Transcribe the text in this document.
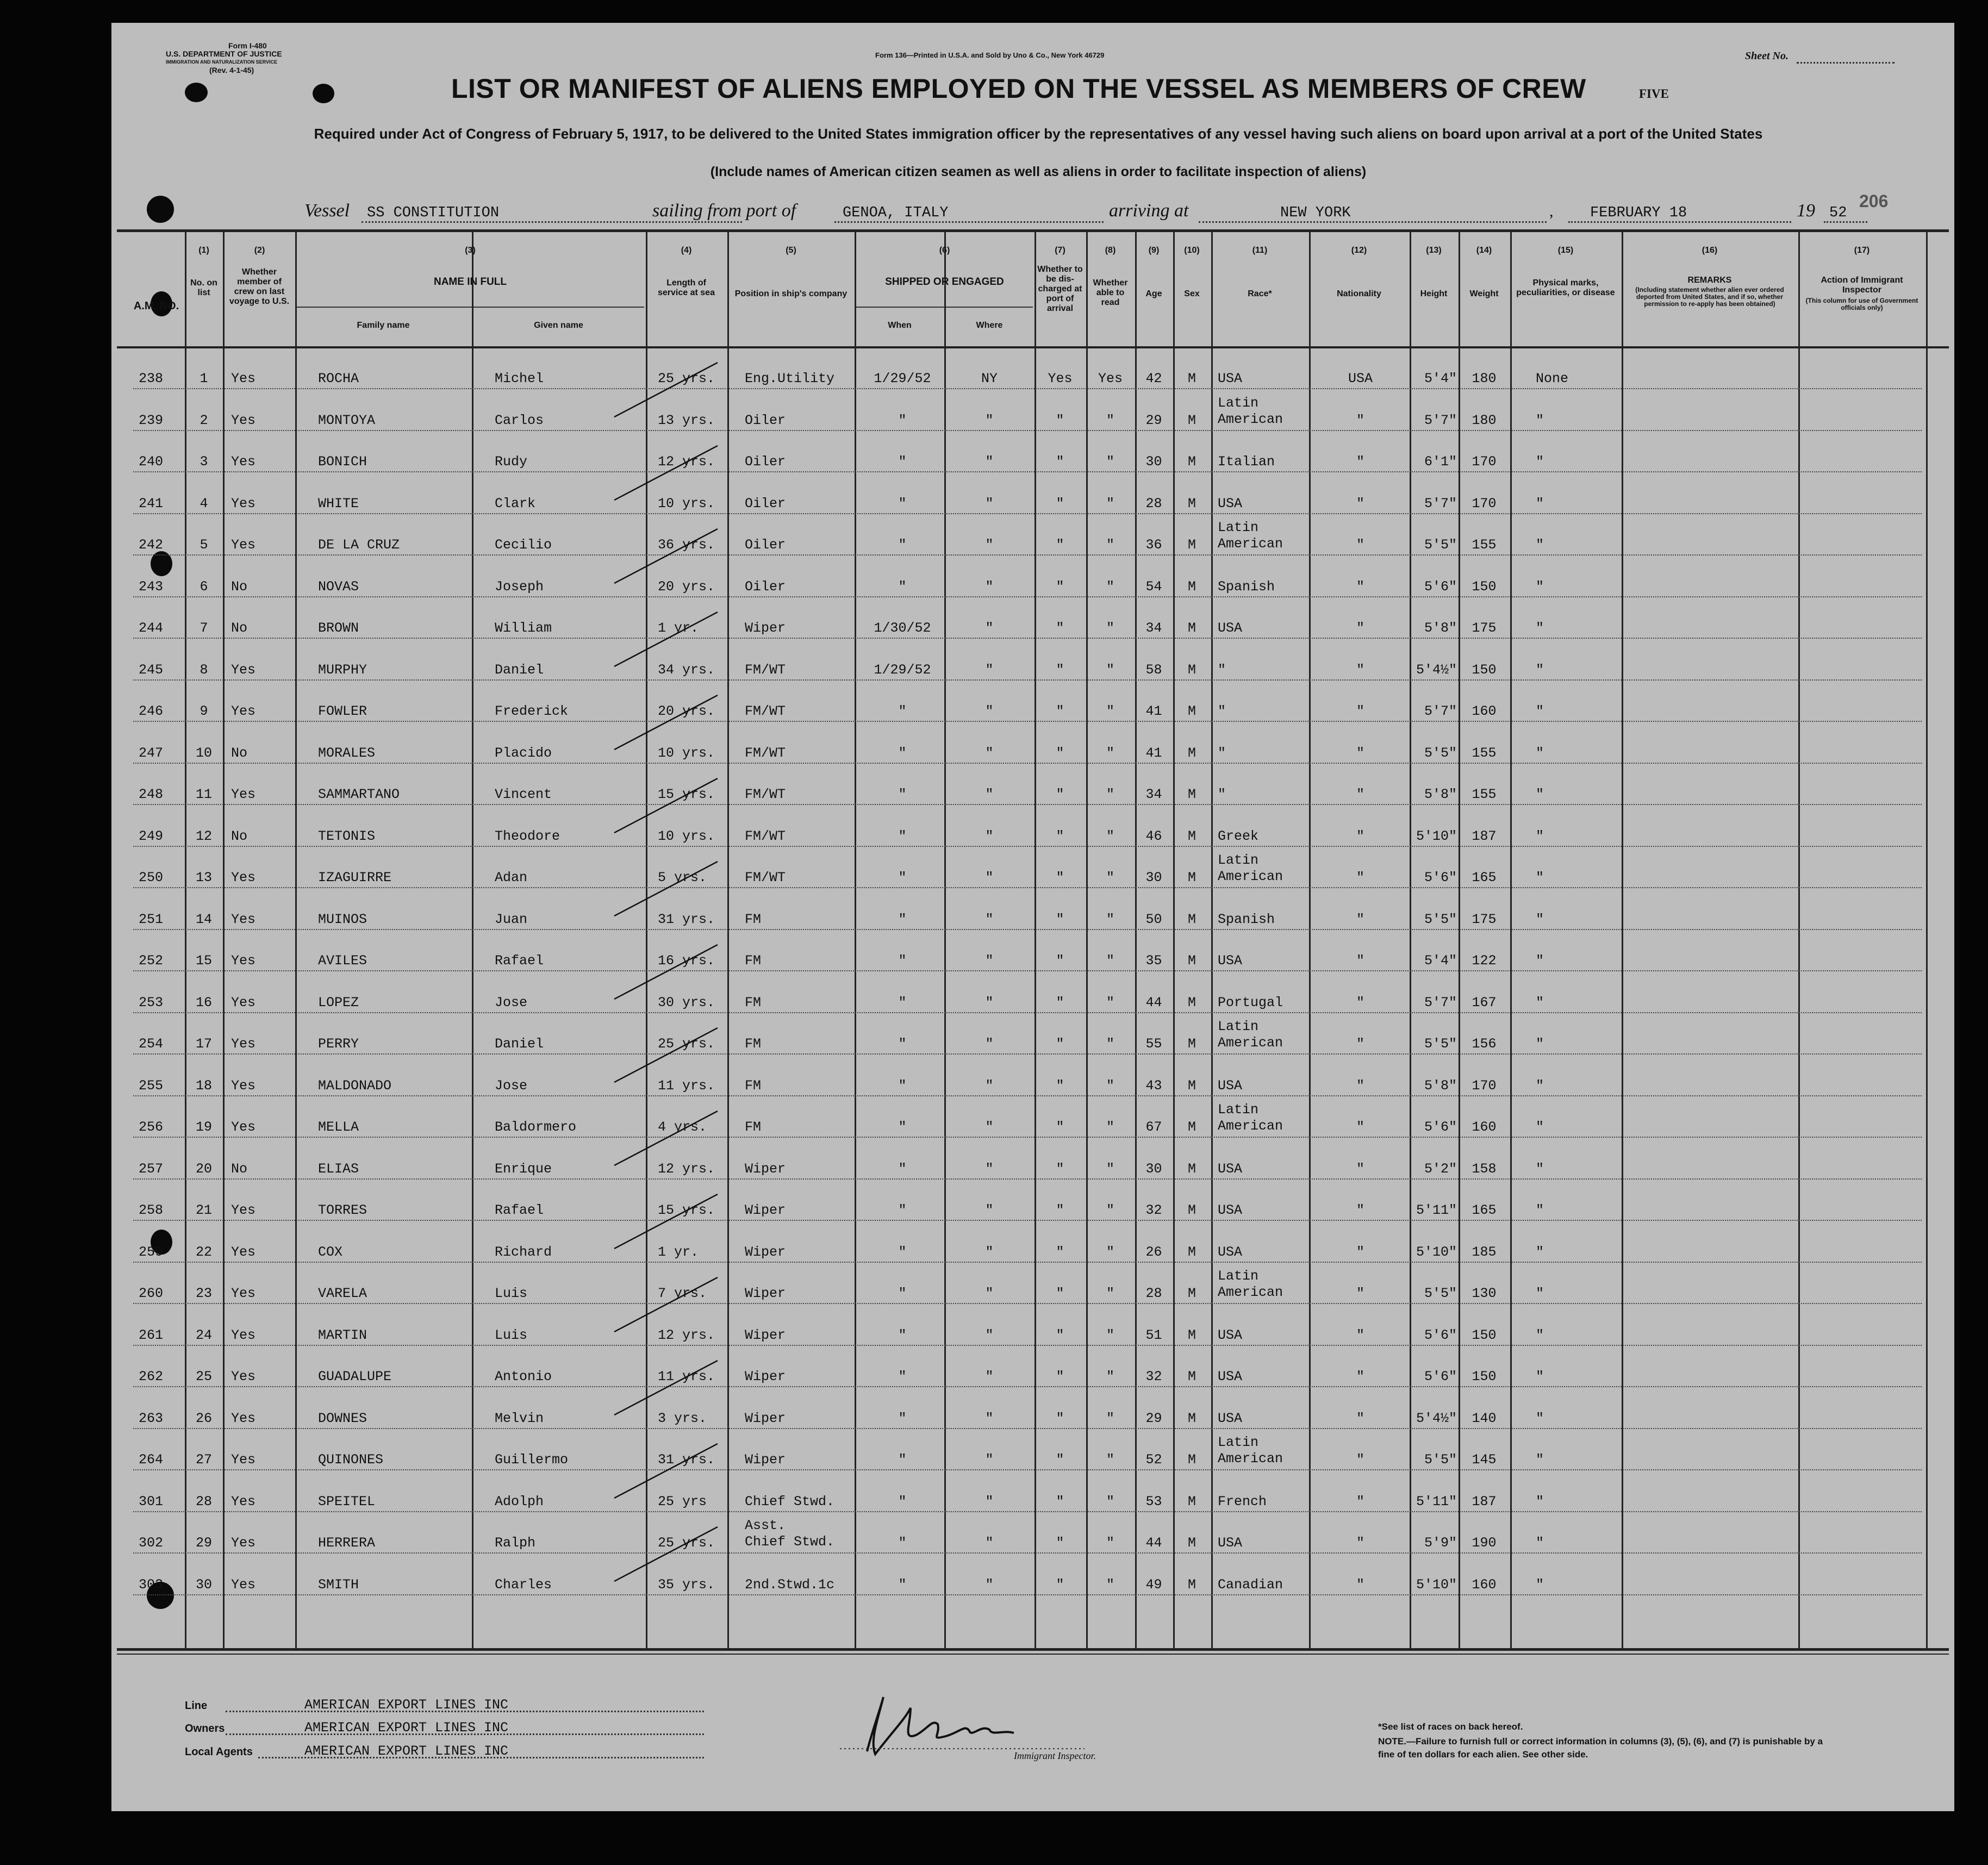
Form I-480
U.S. DEPARTMENT OF JUSTICE
IMMIGRATION AND NATURALIZATION SERVICE
(Rev. 4-1-45)
Form 136—Printed in U.S.A. and Sold by Uno & Co., New York 46729	Sheet No.
LIST OR MANIFEST OF ALIENS EMPLOYED ON THE VESSEL AS MEMBERS OF CREW	FIVE
Required under Act of Congress of February 5, 1917, to be delivered to the United States immigration officer by the representatives of any vessel having such aliens on board upon arrival at a port of the United States
(Include names of American citizen seamen as well as aliens in order to facilitate inspection of aliens)
Vessel SS CONSTITUTION	sailing from port of	GENOA, ITALY	arriving at	NEW YORK	,	FEBRUARY 18	19 52
206
(1)	(2)	(3)	(4)	(5)	(6)	(7)	(8)	(9)	(10)	(11)	(12)	(13)	(14)	(15)	(16)	(17)
A.M. NO.
No. on list
Whether member of crew on last voyage to U.S.
NAME IN FULL
Family name	Given name
Length of service at sea	Position in ship's company
SHIPPED OR ENGAGED
When	Where
Whether to be dis-charged at port of arrival
Whether able to read
Age	Sex	Race*	Nationality	Height	Weight
Physical marks, peculiarities, or disease
REMARKS
(Including statement whether alien ever ordered deported from United States, and if so, whether permission to re-apply has been obtained)
Action of Immigrant Inspector
(This column for use of Government officials only)
238	1	Yes	ROCHA	Michel	25 yrs.	Eng.Utility	1/29/52	NY	Yes	Yes	42	M	USA	USA	5'4"	180	None
239	2	Yes	MONTOYA	Carlos	13 yrs.	Oiler	"	"	"	"	29	M
Latin
American	"	5'7"	180	"
240	3	Yes	BONICH	Rudy	12 yrs.	Oiler	"	"	"	"	30	M	Italian	"	6'1"	170	"
241	4	Yes	WHITE	Clark	10 yrs.	Oiler	"	"	"	"	28	M	USA	"	5'7"	170	"
242	5	Yes	DE LA CRUZ	Cecilio	36 yrs.	Oiler	"	"	"	"	36	M
Latin
American	"	5'5"	155	"
243	6	No	NOVAS	Joseph	20 yrs.	Oiler	"	"	"	"	54	M	Spanish	"	5'6"	150	"
244	7	No	BROWN	William	1 yr.	Wiper	1/30/52	"	"	"	34	M	USA	"	5'8"	175	"
245	8	Yes	MURPHY	Daniel	34 yrs.	FM/WT	1/29/52	"	"	"	58	M	"	"	5'4½"	150	"
246	9	Yes	FOWLER	Frederick	20 yrs.	FM/WT	"	"	"	"	41	M	"	"	5'7"	160	"
247	10	No	MORALES	Placido	10 yrs.	FM/WT	"	"	"	"	41	M	"	"	5'5"	155	"
248	11	Yes	SAMMARTANO	Vincent	15 yrs.	FM/WT	"	"	"	"	34	M	"	"	5'8"	155	"
249	12	No	TETONIS	Theodore	10 yrs.	FM/WT	"	"	"	"	46	M	Greek	"	5'10"	187	"
250	13	Yes	IZAGUIRRE	Adan	5 yrs.	FM/WT	"	"	"	"	30	M
Latin
American	"	5'6"	165	"
251	14	Yes	MUINOS	Juan	31 yrs.	FM	"	"	"	"	50	M	Spanish	"	5'5"	175	"
252	15	Yes	AVILES	Rafael	16 yrs.	FM	"	"	"	"	35	M	USA	"	5'4"	122	"
253	16	Yes	LOPEZ	Jose	30 yrs.	FM	"	"	"	"	44	M	Portugal	"	5'7"	167	"
254	17	Yes	PERRY	Daniel	25 yrs.	FM	"	"	"	"	55	M
Latin
American	"	5'5"	156	"
255	18	Yes	MALDONADO	Jose	11 yrs.	FM	"	"	"	"	43	M	USA	"	5'8"	170	"
256	19	Yes	MELLA	Baldormero	4 yrs.	FM	"	"	"	"	67	M
Latin
American	"	5'6"	160	"
257	20	No	ELIAS	Enrique	12 yrs.	Wiper	"	"	"	"	30	M	USA	"	5'2"	158	"
258	21	Yes	TORRES	Rafael	15 yrs.	Wiper	"	"	"	"	32	M	USA	"	5'11"	165	"
259	22	Yes	COX	Richard	1 yr.	Wiper	"	"	"	"	26	M	USA	"	5'10"	185	"
260	23	Yes	VARELA	Luis	7 yrs.	Wiper	"	"	"	"	28	M
Latin
American	"	5'5"	130	"
261	24	Yes	MARTIN	Luis	12 yrs.	Wiper	"	"	"	"	51	M	USA	"	5'6"	150	"
262	25	Yes	GUADALUPE	Antonio	11 yrs.	Wiper	"	"	"	"	32	M	USA	"	5'6"	150	"
263	26	Yes	DOWNES	Melvin	3 yrs.	Wiper	"	"	"	"	29	M	USA	"	5'4½"	140	"
264	27	Yes	QUINONES	Guillermo	31 yrs.	Wiper	"	"	"	"	52	M
Latin
American	"	5'5"	145	"
301	28	Yes	SPEITEL	Adolph	25 yrs	Chief Stwd.	"	"	"	"	53	M	French	"	5'11"	187	"
302	29	Yes	HERRERA	Ralph	25 yrs.
Asst.
Chief Stwd.	"	"	"	"	44	M	USA	"	5'9"	190	"
303	30	Yes	SMITH	Charles	35 yrs.	2nd.Stwd.1c	"	"	"	"	49	M	Canadian	"	5'10"	160	"
Line	AMERICAN EXPORT LINES INC
Owners	AMERICAN EXPORT LINES INC
Local Agents	AMERICAN EXPORT LINES INC	Immigrant Inspector.
*See list of races on back hereof.
NOTE.—Failure to furnish full or correct information in columns (3), (5), (6), and (7) is punishable by a fine of ten dollars for each alien. See other side.
